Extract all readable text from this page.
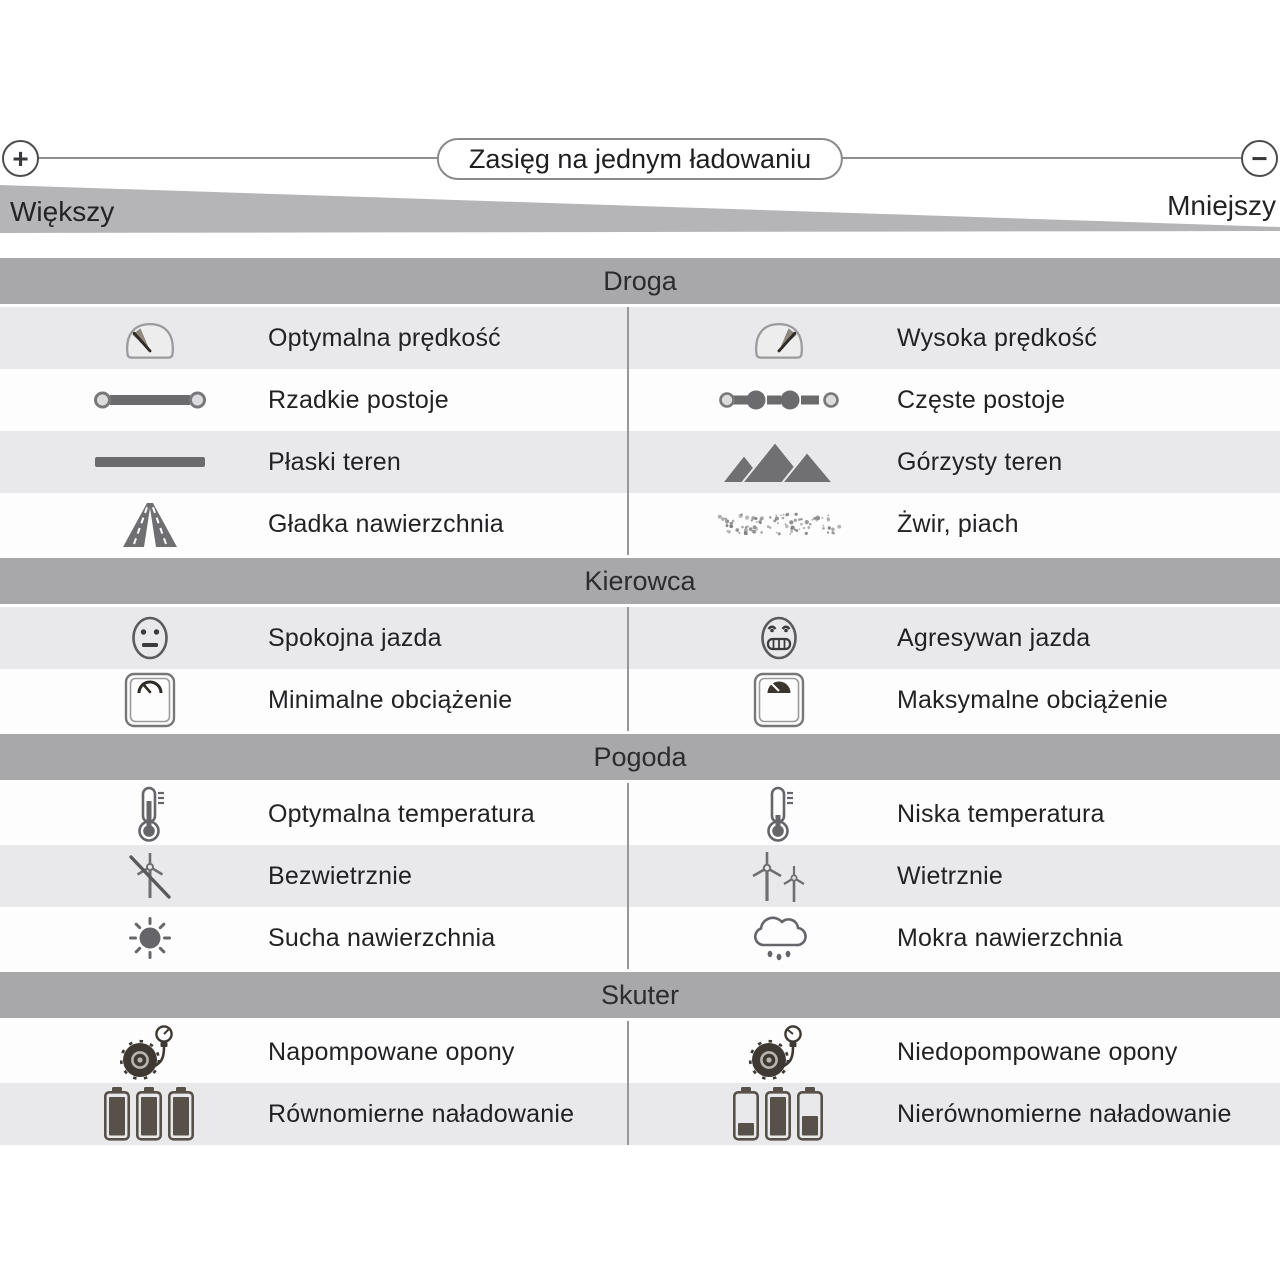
+	−
Zasięg na jednym ładowaniu
Większy	Mniejszy
Droga
Optymalna prędkość	Wysoka prędkość
Rzadkie postoje	Częste postoje
Płaski teren	Górzysty teren
Gładka nawierzchnia	Żwir, piach
Kierowca
Spokojna jazda	Agresywan jazda
Minimalne obciążenie	Maksymalne obciążenie
Pogoda
Optymalna temperatura	Niska temperatura
Bezwietrznie	Wietrznie
Sucha nawierzchnia	Mokra nawierzchnia
Skuter
Napompowane opony	Niedopompowane opony
Równomierne naładowanie	Nierównomierne naładowanie
